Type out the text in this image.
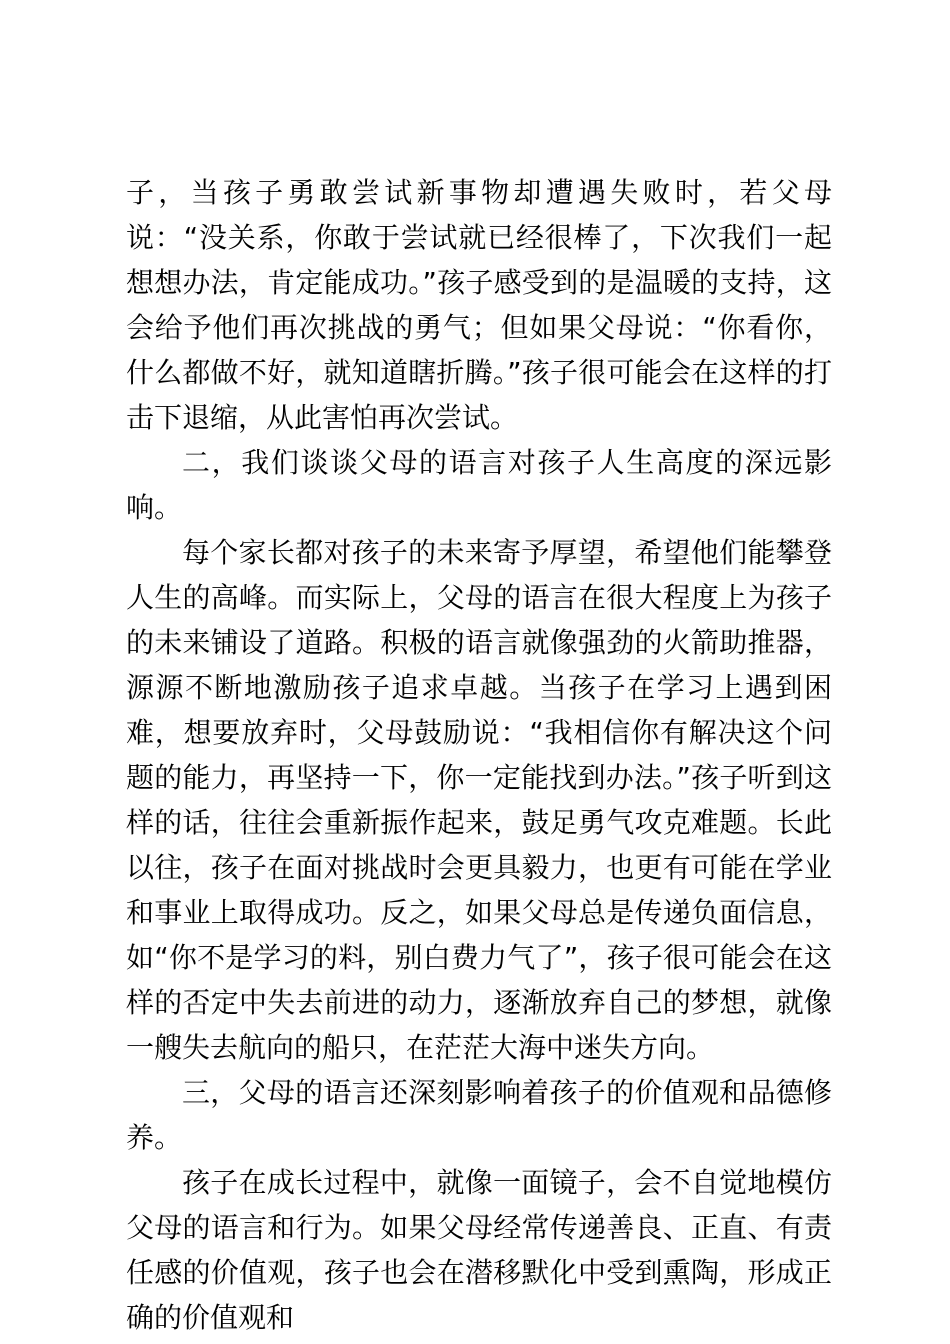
子，当孩子勇敢尝试新事物却遭遇失败时，若父母说：“没关系，你敢于尝试就已经很棒了，下次我们一起想想办法，肯定能成功。”孩子感受到的是温暖的支持，这会给予他们再次挑战的勇气；但如果父母说：“你看你，什么都做不好，就知道瞎折腾。”孩子很可能会在这样的打击下退缩，从此害怕再次尝试。

二，我们谈谈父母的语言对孩子人生高度的深远影响。

每个家长都对孩子的未来寄予厚望，希望他们能攀登人生的高峰。而实际上，父母的语言在很大程度上为孩子的未来铺设了道路。积极的语言就像强劲的火箭助推器，源源不断地激励孩子追求卓越。当孩子在学习上遇到困难，想要放弃时，父母鼓励说：“我相信你有解决这个问题的能力，再坚持一下，你一定能找到办法。”孩子听到这样的话，往往会重新振作起来，鼓足勇气攻克难题。长此以往，孩子在面对挑战时会更具毅力，也更有可能在学业和事业上取得成功。反之，如果父母总是传递负面信息，如“你不是学习的料，别白费力气了”，孩子很可能会在这样的否定中失去前进的动力，逐渐放弃自己的梦想，就像一艘失去航向的船只，在茫茫大海中迷失方向。

三，父母的语言还深刻影响着孩子的价值观和品德修养。

孩子在成长过程中，就像一面镜子，会不自觉地模仿父母的语言和行为。如果父母经常传递善良、正直、有责任感的价值观，孩子也会在潜移默化中受到熏陶，形成正确的价值观和
